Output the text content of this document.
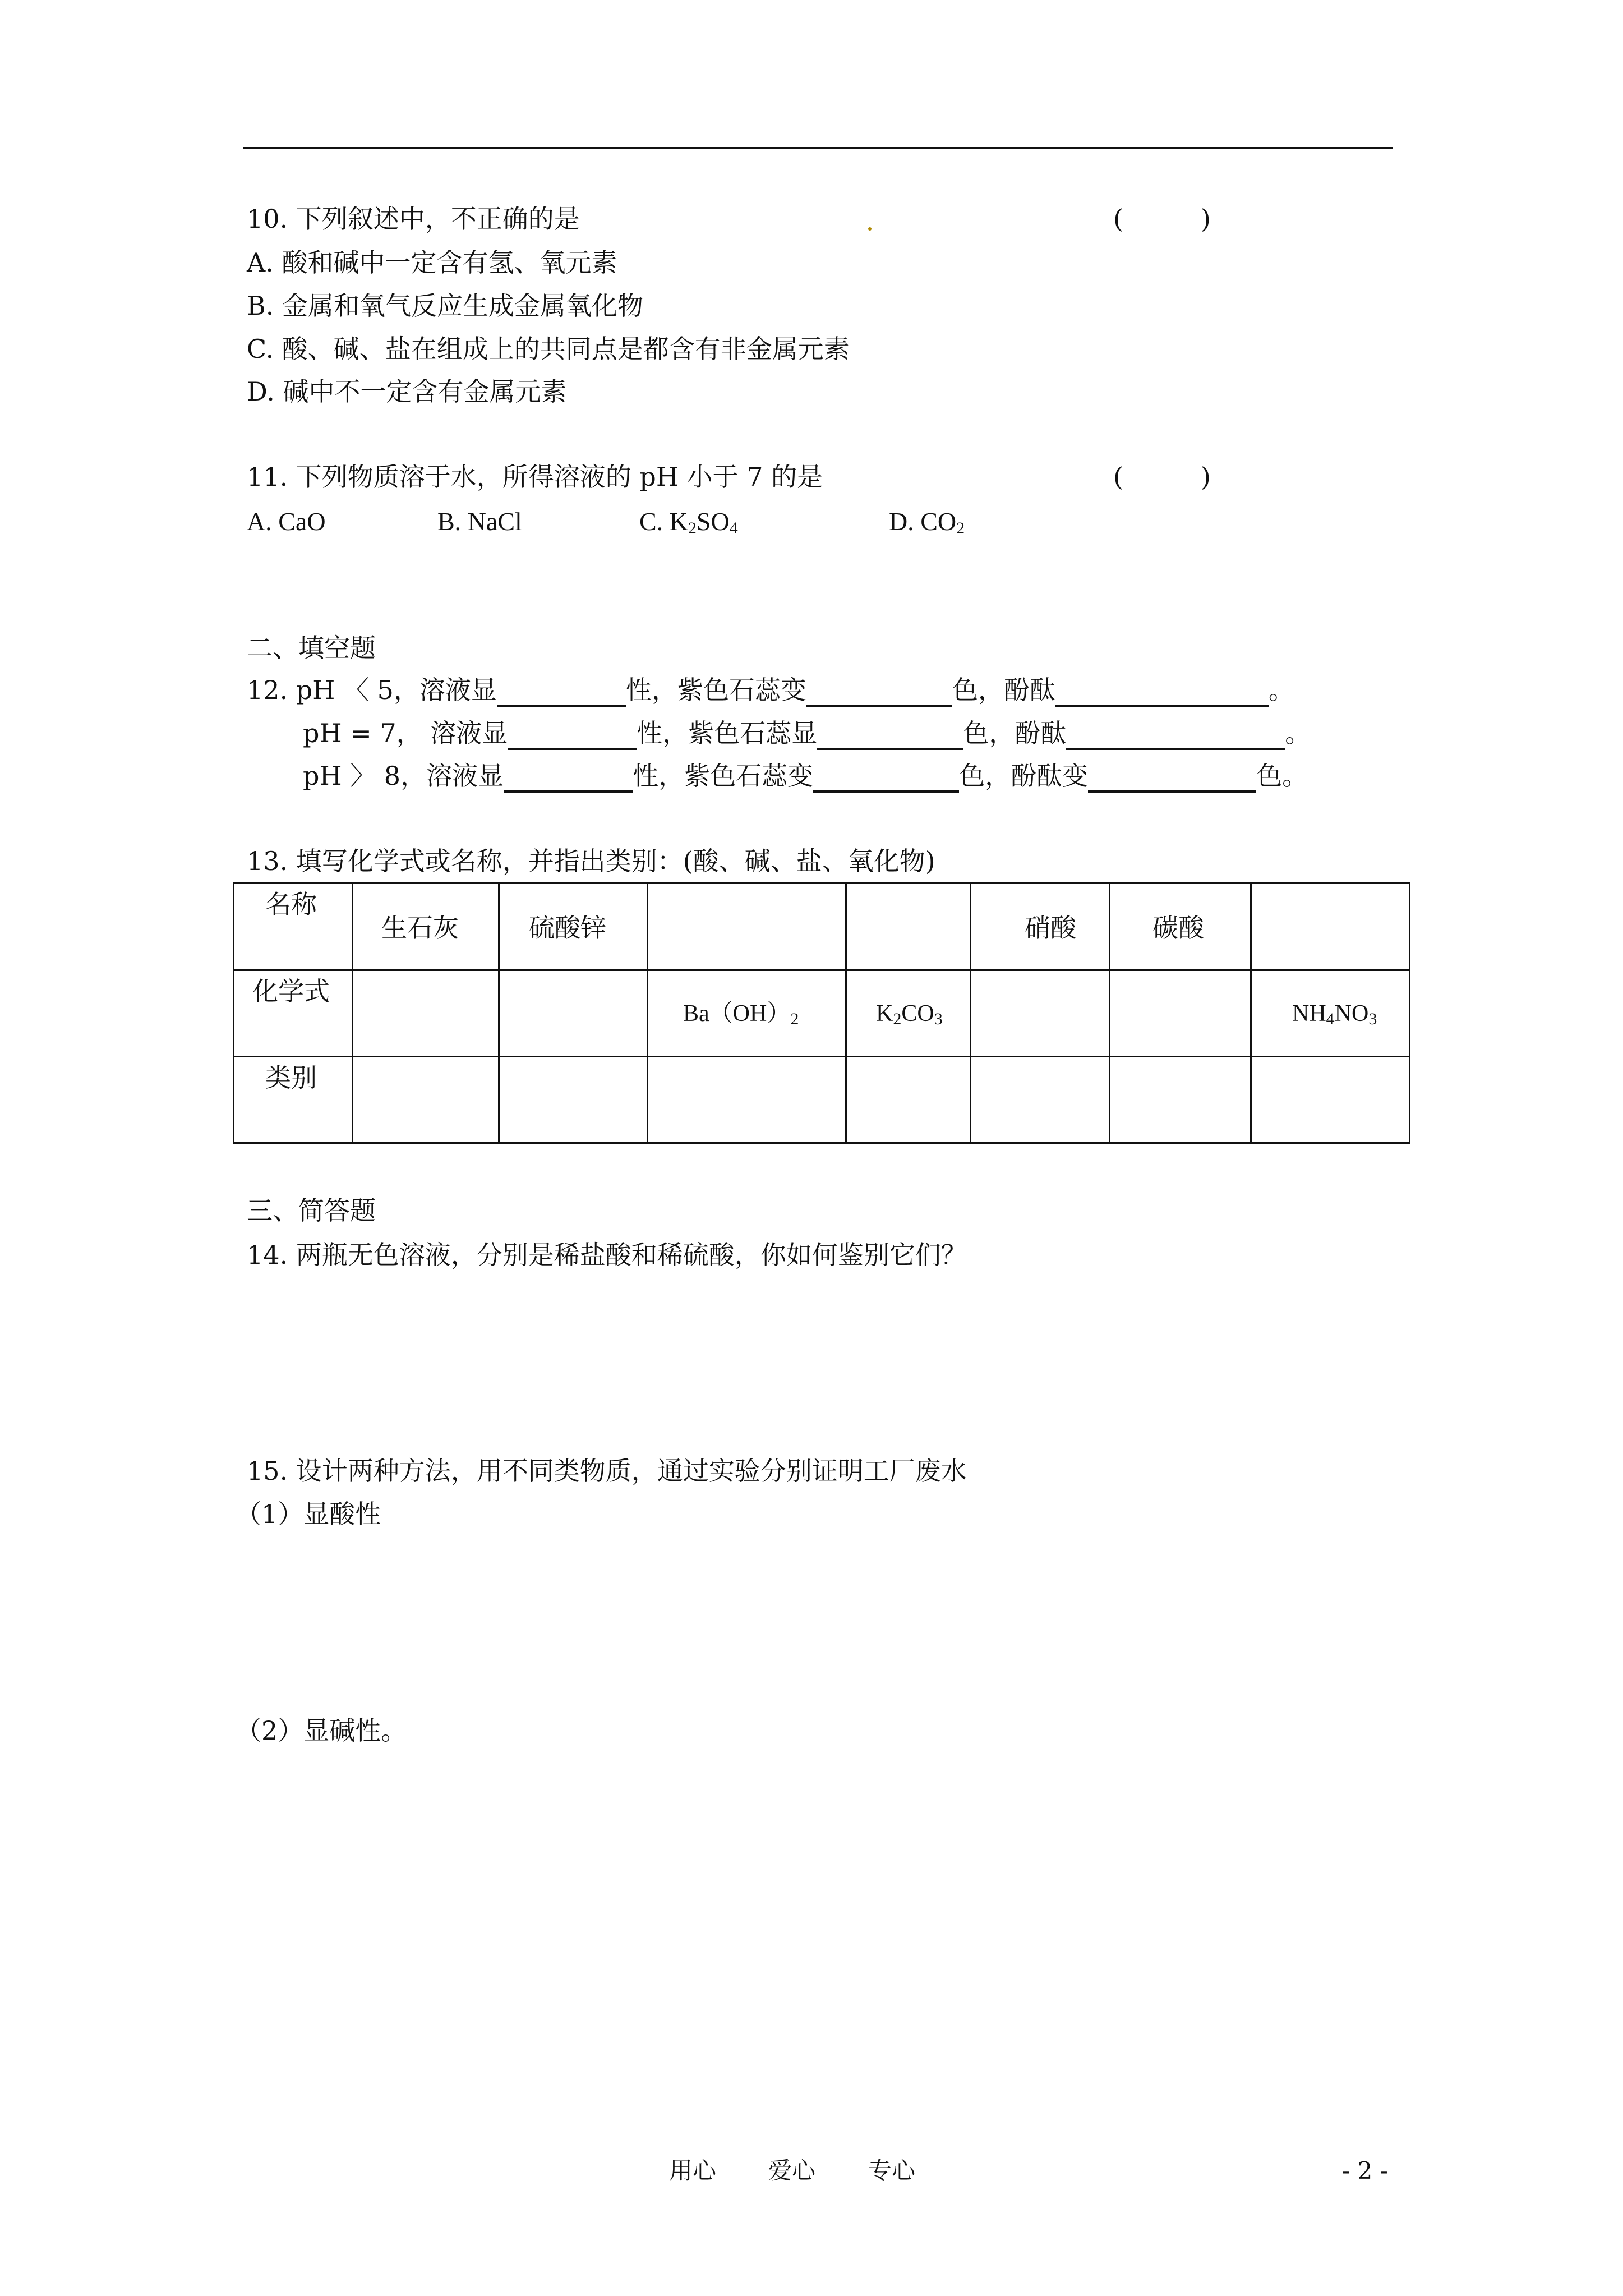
10. 下列叙述中，不正确的是	(　　　)
A. 酸和碱中一定含有氢、氧元素
B. 金属和氧气反应生成金属氧化物
C. 酸、碱、盐在组成上的共同点是都含有非金属元素
D. 碱中不一定含有金属元素
11. 下列物质溶于水，所得溶液的 pH 小于 7 的是	(　　　)
A. CaO	B. NaCl	C. $K_2SO_4$	D. $CO_2$
二、填空题
12. pH 〈 5，溶液显	性，紫色石蕊变	色，酚酞	。
pH = 7， 溶液显	性，紫色石蕊显	色，酚酞	。
pH 〉 8，溶液显	性，紫色石蕊变	色，酚酞变	色。
13. 填写化学式或名称，并指出类别：(酸、碱、盐、氧化物)
名称	生石灰	硫酸锌			硝酸	碳酸	

化学式			$Ba(OH)_2$	$K_2CO_3$			$NH_4NO_3$

类别							

三、简答题
14. 两瓶无色溶液，分别是稀盐酸和稀硫酸，你如何鉴别它们？
15. 设计两种方法，用不同类物质，通过实验分别证明工厂废水
（1）显酸性
（2）显碱性。
用心 爱心 专心	- 2 -
